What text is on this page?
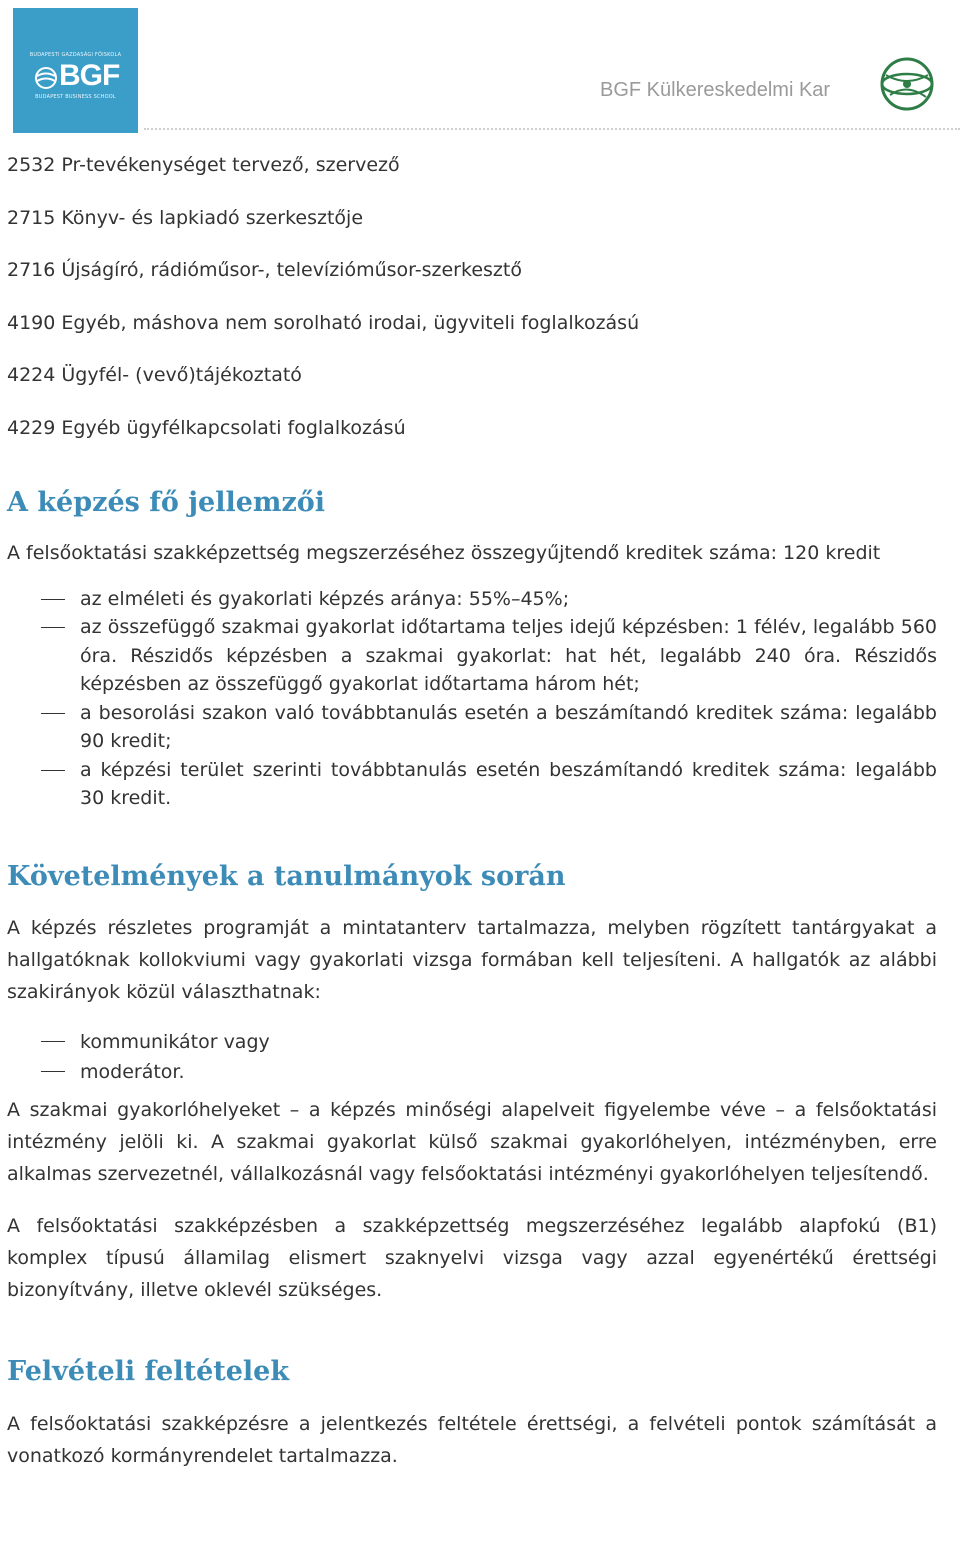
BUDAPESTI GAZDASÁGI FŐISKOLA
BGF
BUDAPEST BUSINESS SCHOOL	BGF Külkereskedelmi Kar
2532 Pr-tevékenységet tervező, szervező
2715 Könyv- és lapkiadó szerkesztője
2716 Újságíró, rádióműsor-, televízióműsor-szerkesztő
4190 Egyéb, máshova nem sorolható irodai, ügyviteli foglalkozású
4224 Ügyfél- (vevő)tájékoztató
4229 Egyéb ügyfélkapcsolati foglalkozású
A képzés fő jellemzői

A felsőoktatási szakképzettség megszerzéséhez összegyűjtendő kreditek száma: 120 kredit

az elméleti és gyakorlati képzés aránya: 55%–45%;
az összefüggő szakmai gyakorlat időtartama teljes idejű képzésben: 1 félév, legalább 560 óra. Részidős képzésben a szakmai gyakorlat: hat hét, legalább 240 óra. Részidős képzésben az összefüggő gyakorlat időtartama három hét;
a besorolási szakon való továbbtanulás esetén a beszámítandó kreditek száma: legalább 90 kredit;
a képzési terület szerinti továbbtanulás esetén beszámítandó kreditek száma: legalább 30 kredit.
Követelmények a tanulmányok során

A képzés részletes programját a mintatanterv tartalmazza, melyben rögzített tantárgyakat a hallgatóknak kollokviumi vagy gyakorlati vizsga formában kell teljesíteni. A hallgatók az alábbi szakirányok közül választhatnak:

kommunikátor vagy
moderátor.

A szakmai gyakorlóhelyeket – a képzés minőségi alapelveit figyelembe véve – a felsőoktatási intézmény jelöli ki. A szakmai gyakorlat külső szakmai gyakorlóhelyen, intézményben, erre alkalmas szervezetnél, vállalkozásnál vagy felsőoktatási intézményi gyakorlóhelyen teljesítendő.

A felsőoktatási szakképzésben a szakképzettség megszerzéséhez legalább alapfokú (B1) komplex típusú államilag elismert szaknyelvi vizsga vagy azzal egyenértékű érettségi bizonyítvány, illetve oklevél szükséges.

Felvételi feltételek

A felsőoktatási szakképzésre a jelentkezés feltétele érettségi, a felvételi pontok számítását a vonatkozó kormányrendelet tartalmazza.
